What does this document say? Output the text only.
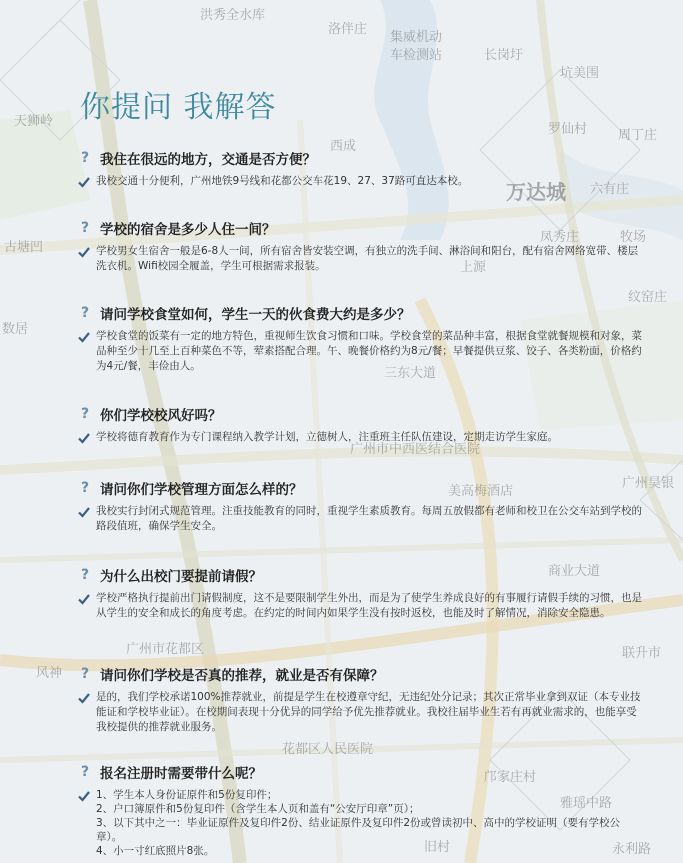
洪秀全水库
洛伴庄
集威机动
车检测站	长岗圩
坑美围
天狮岭
西成
罗仙村 周丁庄
万达城 六有庄
古塘凹
凤秀庄	牧场
上源
纹窑庄
数居
三东大道
广州市中西医结合医院
美高梅酒店
广州昊银
商业大道
广州市花都区	联升市
风神
花都区人民医院
邝家庄村
雅瑶中路
永利路
旧村
你提问 我解答
? 我住在很远的地方，交通是否方便？
我校交通十分便利，广州地铁9号线和花都公交车花19、27、37路可直达本校。
? 学校的宿舍是多少人住一间？
学校男女生宿舍一般是6-8人一间，所有宿舍皆安装空调，有独立的洗手间、淋浴间和阳台，配有宿舍网络宽带、楼层洗衣机。Wifi校园全履盖，学生可根据需求报装。
? 请问学校食堂如何，学生一天的伙食费大约是多少？
学校食堂的饭菜有一定的地方特色，重视师生饮食习惯和口味。学校食堂的菜品种丰富，根据食堂就餐规模和对象，菜品种至少十几至上百种菜色不等，荤素搭配合理。午、晚餐价格约为8元/餐；早餐提供豆浆、饺子、各类粉面，价格约为4元/餐，丰俭由人。
? 你们学校校风好吗？
学校将德育教育作为专门课程纳入教学计划，立德树人，注重班主任队伍建设，定期走访学生家庭。
? 请问你们学校管理方面怎么样的？
我校实行封闭式规范管理。注重技能教育的同时，重视学生素质教育。每周五放假都有老师和校卫在公交车站到学校的路段值班，确保学生安全。
? 为什么出校门要提前请假？
学校严格执行提前出门请假制度，这不是要限制学生外出，而是为了使学生养成良好的有事履行请假手续的习惯，也是从学生的安全和成长的角度考虑。在约定的时间内如果学生没有按时返校，也能及时了解情况，消除安全隐患。
? 请问你们学校是否真的推荐，就业是否有保障？
是的，我们学校承诺100%推荐就业，前提是学生在校遵章守纪，无违纪处分记录；其次正常毕业拿到双证（本专业技能证和学校毕业证）。在校期间表现十分优异的同学给予优先推荐就业。我校往届毕业生若有再就业需求的，也能享受我校提供的推荐就业服务。
? 报名注册时需要带什么呢？
1、学生本人身份证原件和5份复印件；
2、户口簿原件和5份复印件（含学生本人页和盖有“公安厅印章”页）；
3、以下其中之一：毕业证原件及复印件2份、结业证原件及复印件2份或曾读初中、高中的学校证明（要有学校公章）。
4、小一寸红底照片8张。
